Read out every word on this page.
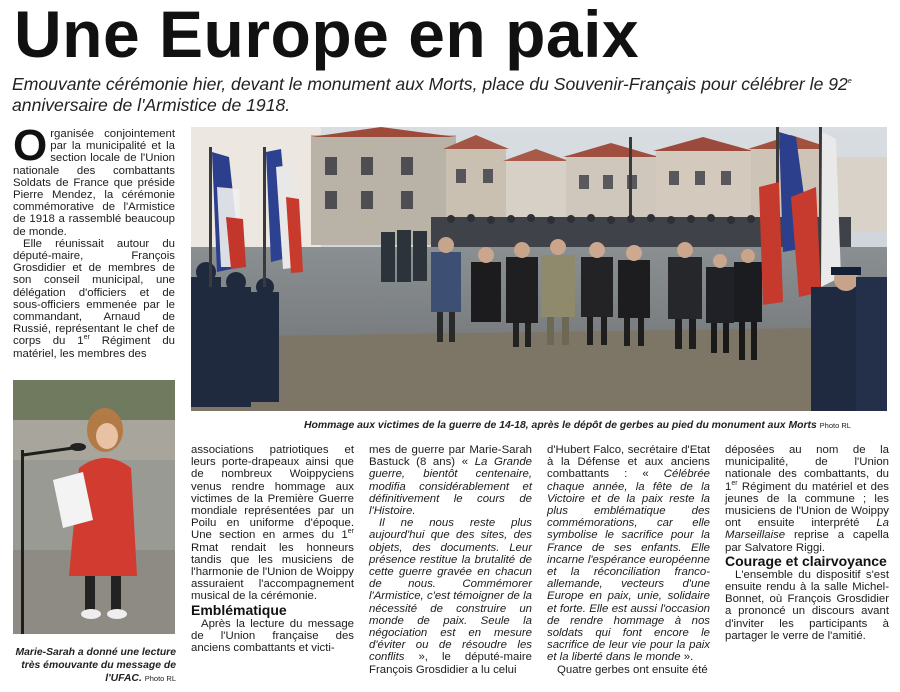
Une Europe en paix
Emouvante cérémonie hier, devant le monument aux Morts, place du Souvenir-Français pour célébrer le 92e anniversaire de l'Armistice de 1918.

Organisée conjointement par la municipalité et la section locale de l'Union nationale des combattants Soldats de France que préside Pierre Mendez, la cérémonie commémorative de l'Armistice de 1918 a rassemblé beaucoup de monde.

Elle réunissait autour du député-maire, François Grosdidier et de membres de son conseil municipal, une délégation d'officiers et de sous-officiers emmenée par le commandant, Arnaud de Russié, représentant le chef de corps du 1er Régiment du matériel, les membres des

Hommage aux victimes de la guerre de 14-18, après le dépôt de gerbes au pied du monument aux Morts Photo RL
Marie-Sarah a donné une lecture très émouvante du message de l'UFAC. Photo RL

associations patriotiques et leurs porte-drapeaux ainsi que de nombreux Woippyciens venus rendre hommage aux victimes de la Première Guerre mondiale représentées par un Poilu en uniforme d'époque. Une section en armes du 1er Rmat rendait les honneurs tandis que les musiciens de l'harmonie de l'Union de Woippy assuraient l'accompagnement musical de la cérémonie.

Emblématique

Après la lecture du message de l'Union française des anciens combattants et victi-

mes de guerre par Marie-Sarah Bastuck (8 ans) « La Grande guerre, bientôt centenaire, modifia considérablement et définitivement le cours de l'Histoire.

Il ne nous reste plus aujourd'hui que des sites, des objets, des documents. Leur présence restitue la brutalité de cette guerre gravée en chacun de nous. Commémorer l'Armistice, c'est témoigner de la nécessité de construire un monde de paix. Seule la négociation est en mesure d'éviter ou de résoudre les conflits », le député-maire François Grosdidier a lu celui

d'Hubert Falco, secrétaire d'Etat à la Défense et aux anciens combattants : « Célébrée chaque année, la fête de la Victoire et de la paix reste la plus emblématique des commémorations, car elle symbolise le sacrifice pour la France de ses enfants. Elle incarne l'espérance européenne et la réconciliation franco-allemande, vecteurs d'une Europe en paix, unie, solidaire et forte. Elle est aussi l'occasion de rendre hommage à nos soldats qui font encore le sacrifice de leur vie pour la paix et la liberté dans le monde ».

Quatre gerbes ont ensuite été

déposées au nom de la municipalité, de l'Union nationale des combattants, du 1er Régiment du matériel et des jeunes de la commune ; les musiciens de l'Union de Woippy ont ensuite interprété La Marseillaise reprise a capella par Salvatore Riggi.

Courage et clairvoyance

L'ensemble du dispositif s'est ensuite rendu à la salle Michel-Bonnet, où François Grosdidier a prononcé un discours avant d'inviter les participants à partager le verre de l'amitié.
